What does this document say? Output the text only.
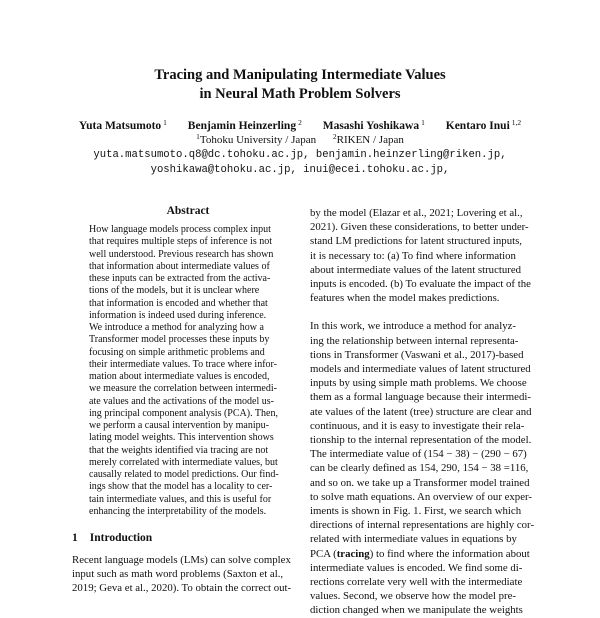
Tracing and Manipulating Intermediate Values
in Neural Math Problem Solvers
Yuta Matsumoto $^1$ Benjamin Heinzerling $^2$ Masashi Yoshikawa $^1$ Kentaro Inui $^{1,2}$
$^1$Tohoku University / Japan $^2$RIKEN / Japan
yuta.matsumoto.q8@dc.tohoku.ac.jp, benjamin.heinzerling@riken.jp,
yoshikawa@tohoku.ac.jp, inui@ecei.tohoku.ac.jp,
Abstract
How language models process complex input
that requires multiple steps of inference is not
well understood. Previous research has shown
that information about intermediate values of
these inputs can be extracted from the activa-
tions of the models, but it is unclear where
that information is encoded and whether that
information is indeed used during inference.
We introduce a method for analyzing how a
Transformer model processes these inputs by
focusing on simple arithmetic problems and
their intermediate values. To trace where infor-
mation about intermediate values is encoded,
we measure the correlation between intermedi-
ate values and the activations of the model us-
ing principal component analysis (PCA). Then,
we perform a causal intervention by manipu-
lating model weights. This intervention shows
that the weights identified via tracing are not
merely correlated with intermediate values, but
causally related to model predictions. Our find-
ings show that the model has a locality to cer-
tain intermediate values, and this is useful for
enhancing the interpretability of the models.
1 Introduction
Recent language models (LMs) can solve complex
input such as math word problems (Saxton et al.,
2019; Geva et al., 2020). To obtain the correct out-
by the model (Elazar et al., 2021; Lovering et al.,
2021). Given these considerations, to better under-
stand LM predictions for latent structured inputs,
it is necessary to: (a) To find where information
about intermediate values of the latent structured
inputs is encoded. (b) To evaluate the impact of the
features when the model makes predictions.
In this work, we introduce a method for analyz-
ing the relationship between internal representa-
tions in Transformer (Vaswani et al., 2017)-based
models and intermediate values of latent structured
inputs by using simple math problems. We choose
them as a formal language because their intermedi-
ate values of the latent (tree) structure are clear and
continuous, and it is easy to investigate their rela-
tionship to the internal representation of the model.
The intermediate value of (154 − 38) − (290 − 67)
can be clearly defined as 154, 290, 154 − 38 =116,
and so on. we take up a Transformer model trained
to solve math equations. An overview of our exper-
iments is shown in Fig. 1. First, we search which
directions of internal representations are highly cor-
related with intermediate values in equations by
PCA (tracing) to find where the information about
intermediate values is encoded. We find some di-
rections correlate very well with the intermediate
values. Second, we observe how the model pre-
diction changed when we manipulate the weights
